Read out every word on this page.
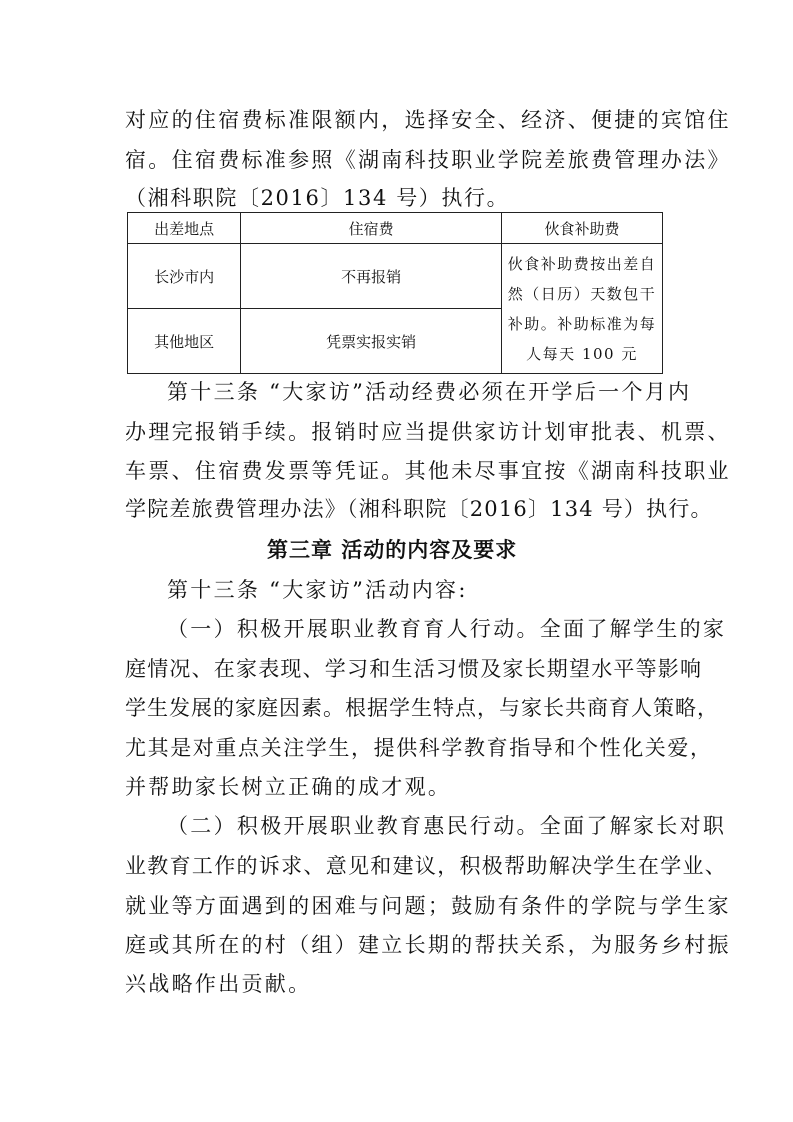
对应的住宿费标准限额内，选择安全、经济、便捷的宾馆住
宿。住宿费标准参照《湖南科技职业学院差旅费管理办法》
（湘科职院〔2016〕134 号）执行。
出差地点	住宿费	伙食补助费
长沙市内	不再报销	伙食补助费按出差自
然（日历）天数包干
补助。补助标准为每
人每天 100 元

其他地区	凭票实报实销	
第十三条 “大家访”活动经费必须在开学后一个月内
办理完报销手续。报销时应当提供家访计划审批表、机票、
车票、住宿费发票等凭证。其他未尽事宜按《湖南科技职业
学院差旅费管理办法》（湘科职院〔2016〕134 号）执行。
第三章 活动的内容及要求
第十三条 “大家访”活动内容:
（一）积极开展职业教育育人行动。全面了解学生的家
庭情况、在家表现、学习和生活习惯及家长期望水平等影响
学生发展的家庭因素。根据学生特点，与家长共商育人策略，
尤其是对重点关注学生，提供科学教育指导和个性化关爱，
并帮助家长树立正确的成才观。
（二）积极开展职业教育惠民行动。全面了解家长对职
业教育工作的诉求、意见和建议，积极帮助解决学生在学业、
就业等方面遇到的困难与问题；鼓励有条件的学院与学生家
庭或其所在的村（组）建立长期的帮扶关系，为服务乡村振
兴战略作出贡献。
